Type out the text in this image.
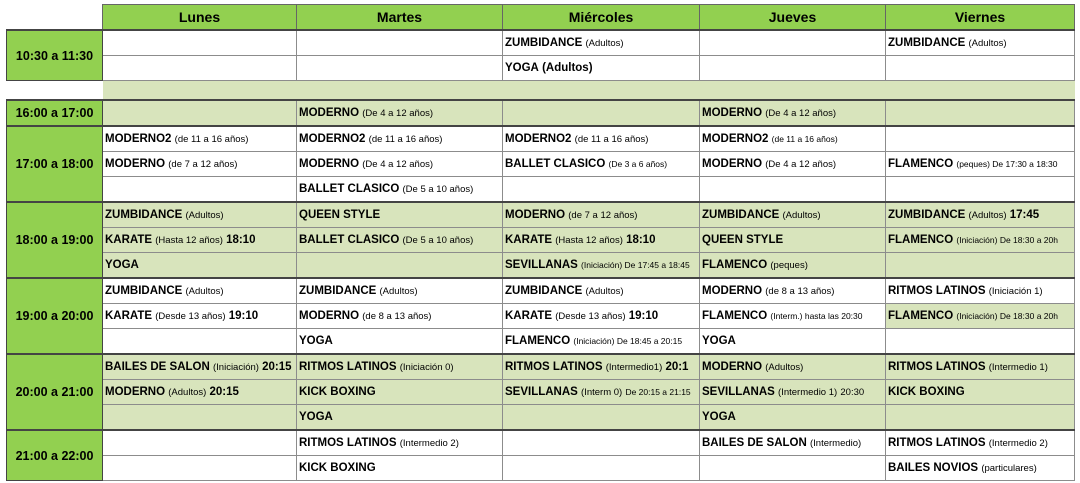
	Lunes	Martes	Miércoles	Jueves	Viernes
10:30 a 11:30			ZUMBIDANCE (Adultos)		ZUMBIDANCE (Adultos)
			YOGA (Adultos)		

16:00 a 17:00		MODERNO (De 4 a 12 años)		MODERNO (De 4 a 12 años)	
17:00 a 18:00	MODERNO2 (de 11 a 16 años)	MODERNO2 (de 11 a 16 años)	MODERNO2 (de 11 a 16 años)	MODERNO2 (de 11 a 16 años)	
	MODERNO (de 7 a 12 años)	MODERNO (De 4 a 12 años)	BALLET CLASICO (De 3 a 6 años)	MODERNO (De 4 a 12 años)	FLAMENCO (peques) De 17:30 a 18:30
		BALLET CLASICO (De 5 a 10 años)			
18:00 a 19:00	ZUMBIDANCE (Adultos)	QUEEN STYLE	MODERNO (de 7 a 12 años)	ZUMBIDANCE (Adultos)	ZUMBIDANCE (Adultos) 17:45
	KARATE (Hasta 12 años) 18:10	BALLET CLASICO (De 5 a 10 años)	KARATE (Hasta 12 años) 18:10	QUEEN STYLE	FLAMENCO (Iniciación) De 18:30 a 20h
	YOGA		SEVILLANAS (Iniciación) De 17:45 a 18:45	FLAMENCO (peques)	
19:00 a 20:00	ZUMBIDANCE (Adultos)	ZUMBIDANCE (Adultos)	ZUMBIDANCE (Adultos)	MODERNO (de 8 a 13 años)	RITMOS LATINOS (Iniciación 1)
	KARATE (Desde 13 años) 19:10	MODERNO (de 8 a 13 años)	KARATE (Desde 13 años) 19:10	FLAMENCO (Interm.) hasta las 20:30	FLAMENCO (Iniciación) De 18:30 a 20h
		YOGA	FLAMENCO (Iniciación) De 18:45 a 20:15	YOGA	
20:00 a 21:00	BAILES DE SALON (Iniciación) 20:15	RITMOS LATINOS (Iniciación 0)	RITMOS LATINOS (Intermedio1) 20:1	MODERNO (Adultos)	RITMOS LATINOS (Intermedio 1)
	MODERNO (Adultos) 20:15	KICK BOXING	SEVILLANAS (Interm 0) De 20:15 a 21:15	SEVILLANAS (Intermedio 1) 20:30	KICK BOXING
		YOGA		YOGA	
21:00 a 22:00		RITMOS LATINOS (Intermedio 2)		BAILES DE SALON (Intermedio)	RITMOS LATINOS (Intermedio 2)
		KICK BOXING			BAILES NOVIOS (particulares)
